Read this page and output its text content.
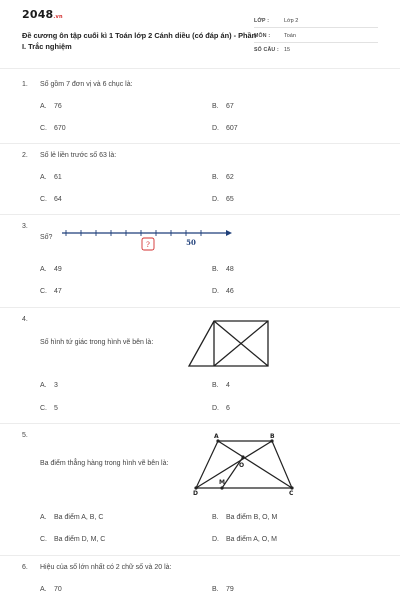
2048.vn
Đề cương ôn tập cuối kì 1 Toán lớp 2 Cánh diều (có đáp án) - Phần I. Trắc nghiệm
LỚP :	Lớp 2
MÔN : Toán
SỐ CÂU : 15
1. Số gồm 7 đơn vị và 6 chục là:
A. 76	B. 67
C. 670	D. 607
2. Số lẻ liền trước số 63 là:
A. 61	B. 62
C. 64	D. 65
3.
Số?
?	50
A. 49	B. 48
C. 47	D. 46
4.
Số hình tứ giác trong hình vẽ bên là:
A. 3	B. 4
C. 5	D. 6
5.
Ba điểm thẳng hàng trong hình vẽ bên là:
A	B
O
M
D	C
A. Ba điểm A, B, C	B. Ba điểm B, O, M
C. Ba điểm D, M, C	D. Ba điểm A, O, M
6. Hiệu của số lớn nhất có 2 chữ số và 20 là:
A. 70	B. 79
